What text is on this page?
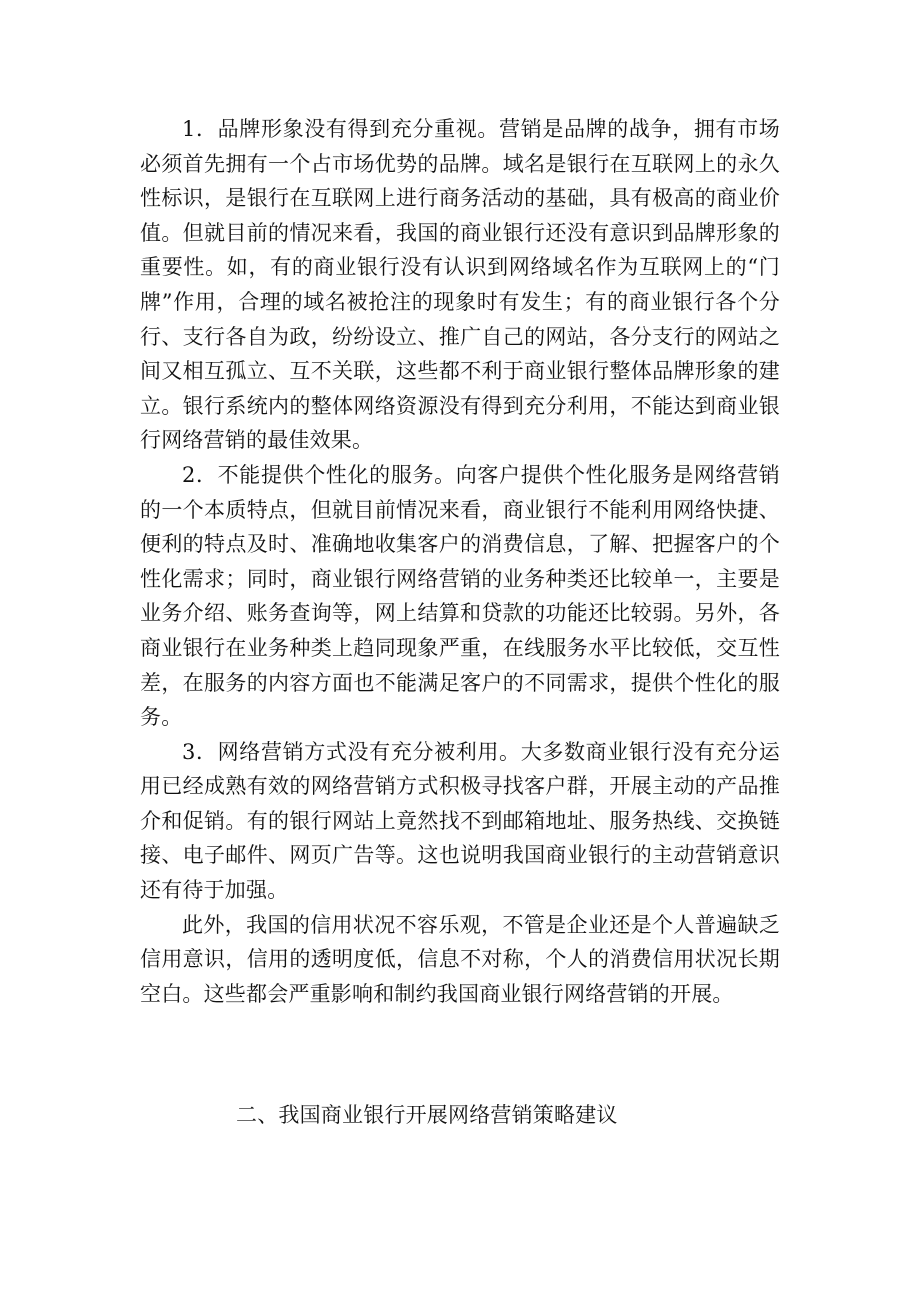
1．品牌形象没有得到充分重视。营销是品牌的战争，拥有市场必须首先拥有一个占市场优势的品牌。域名是银行在互联网上的永久性标识，是银行在互联网上进行商务活动的基础，具有极高的商业价值。但就目前的情况来看，我国的商业银行还没有意识到品牌形象的重要性。如，有的商业银行没有认识到网络域名作为互联网上的“门牌”作用，合理的域名被抢注的现象时有发生；有的商业银行各个分行、支行各自为政，纷纷设立、推广自己的网站，各分支行的网站之间又相互孤立、互不关联，这些都不利于商业银行整体品牌形象的建立。银行系统内的整体网络资源没有得到充分利用，不能达到商业银行网络营销的最佳效果。

2．不能提供个性化的服务。向客户提供个性化服务是网络营销的一个本质特点，但就目前情况来看，商业银行不能利用网络快捷、便利的特点及时、准确地收集客户的消费信息，了解、把握客户的个性化需求；同时，商业银行网络营销的业务种类还比较单一，主要是业务介绍、账务查询等，网上结算和贷款的功能还比较弱。另外，各商业银行在业务种类上趋同现象严重，在线服务水平比较低，交互性差，在服务的内容方面也不能满足客户的不同需求，提供个性化的服务。

3．网络营销方式没有充分被利用。大多数商业银行没有充分运用已经成熟有效的网络营销方式积极寻找客户群，开展主动的产品推介和促销。有的银行网站上竟然找不到邮箱地址、服务热线、交换链接、电子邮件、网页广告等。这也说明我国商业银行的主动营销意识还有待于加强。

此外，我国的信用状况不容乐观，不管是企业还是个人普遍缺乏信用意识，信用的透明度低，信息不对称，个人的消费信用状况长期空白。这些都会严重影响和制约我国商业银行网络营销的开展。

二、我国商业银行开展网络营销策略建议
